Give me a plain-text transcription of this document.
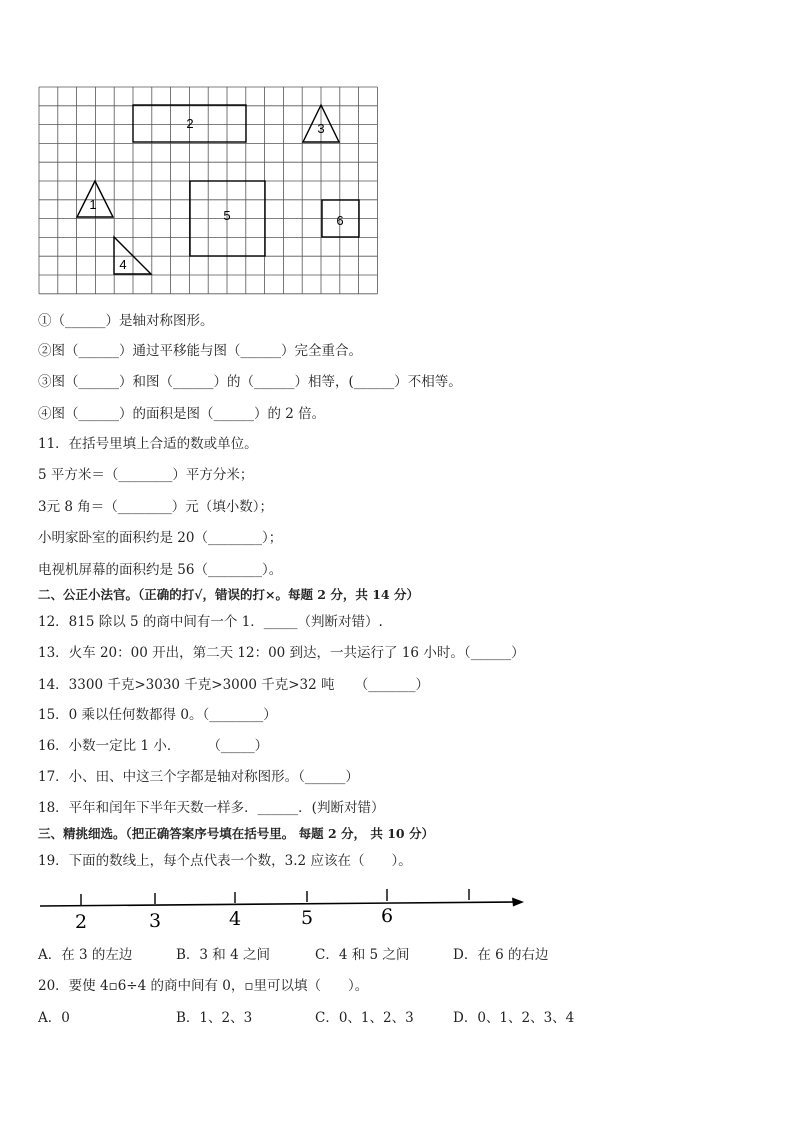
2	3
1
5	6
4
①（______）是轴对称图形。
②图（______）通过平移能与图（______）完全重合。
③图（______）和图（______）的（______）相等，(______）不相等。
④图（______）的面积是图（______）的 2 倍。
11．在括号里填上合适的数或单位。
5 平方米＝（________）平方分米；
3元 8 角＝（________）元（填小数）；
小明家卧室的面积约是 20（________）；
电视机屏幕的面积约是 56（________）。
二、公正小法官。（正确的打√，错误的打×。每题 2 分，共 14 分）
12．815 除以 5 的商中间有一个 1．_____（判断对错）.
13．火车 20：00 开出，第二天 12：00 到达，一共运行了 16 小时。（______）
14．3300 千克>3030 千克>3000 千克>32 吨　　（_______）
15．0 乘以任何数都得 0。（________）
16．小数一定比 1 小．　　　（_____）
17．小、田、中这三个字都是轴对称图形。（______）
18．平年和闰年下半年天数一样多．______．(判断对错）
三、精挑细选。（把正确答案序号填在括号里。 每题 2 分， 共 10 分）
19．下面的数线上，每个点代表一个数，3.2 应该在（　　）。
2	3	4	5	6
A．在 3 的左边	B．3 和 4 之间	C．4 和 5 之间	D．在 6 的右边
20．要使 4▫6÷4 的商中间有 0，▫里可以填（　　）。
A．0	B．1、2、3	C．0、1、2、3	D．0、1、2、3、4
